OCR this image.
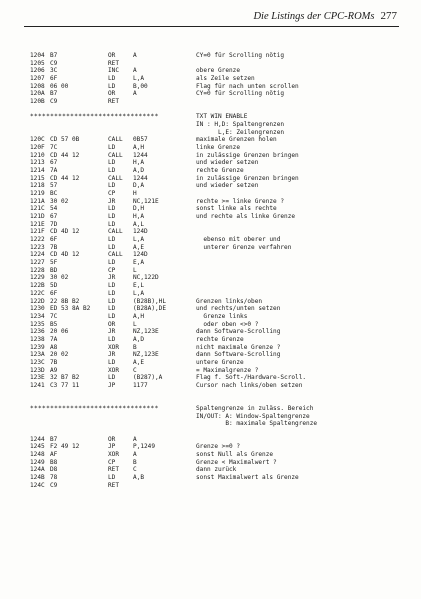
Die Listings der CPC-ROMs 277
1204 B7	OR	A	CY=0 für Scrolling nötig
1205 C9	RET
1206 3C	INC A	obere Grenze
1207 6F	LD	L,A	als Zeile setzen
1208 06 00	LD	B,00	Flag für nach unten scrollen
120A B7	OR	A	CY=0 für Scrolling nötig
120B C9	RET
********************************	TXT WIN ENABLE
IN : H,D: Spaltengrenzen
L,E: Zeilengrenzen
120C CD 57 0B	CALL 0B57	maximale Grenzen holen
120F 7C	LD	A,H	linke Grenze
1210 CD 44 12	CALL 1244	in zulässige Grenzen bringen
1213 67	LD	H,A	und wieder setzen
1214 7A	LD	A,D	rechte Grenze
1215 CD 44 12	CALL 1244	in zulässige Grenzen bringen
1218 57	LD	D,A	und wieder setzen
1219 BC	CP	H
121A 30 02	JR	NC,121E	rechte >= linke Grenze ?
121C 54	LD	D,H	sonst linke als rechte
121D 67	LD	H,A	und rechte als linke Grenze
121E 7D	LD	A,L
121F CD 4D 12	CALL 124D
1222 6F	LD	L,A	ebenso mit oberer und
1223 7B	LD	A,E	unterer Grenze verfahren
1224 CD 4D 12	CALL 124D
1227 5F	LD	E,A
1228 BD	CP	L
1229 30 02	JR	NC,122D
122B 5D	LD	E,L
122C 6F	LD	L,A
122D 22 8B B2	LD	(B28B),HL	Grenzen links/oben
1230 ED 53 8A B2	LD	(B28A),DE	und rechts/unten setzen
1234 7C	LD	A,H	Grenze links
1235 B5	OR	L	oder oben <>0 ?
1236 20 06	JR	NZ,123E	dann Software-Scrolling
1238 7A	LD	A,D	rechte Grenze
1239 A8	XOR B	nicht maximale Grenze ?
123A 20 02	JR	NZ,123E	dann Software-Scrolling
123C 7B	LD	A,E	untere Grenze
123D A9	XOR C	= Maximalgrenze ?
123E 32 B7 B2	LD	(B287),A	Flag f. Soft-/Hardware-Scroll.
1241 C3 77 11	JP	1177	Cursor nach links/oben setzen
********************************	Spaltengrenze in zuläss. Bereich
IN/OUT: A: Window-Spaltengrenze
B: maximale Spaltengrenze
1244 B7	OR	A
1245 F2 49 12	JP	P,1249	Grenze >=0 ?
1248 AF	XOR A	sonst Null als Grenze
1249 B8	CP	B	Grenze < Maximalwert ?
124A D8	RET C	dann zurück
124B 78	LD	A,B	sonst Maximalwert als Grenze
124C C9	RET
